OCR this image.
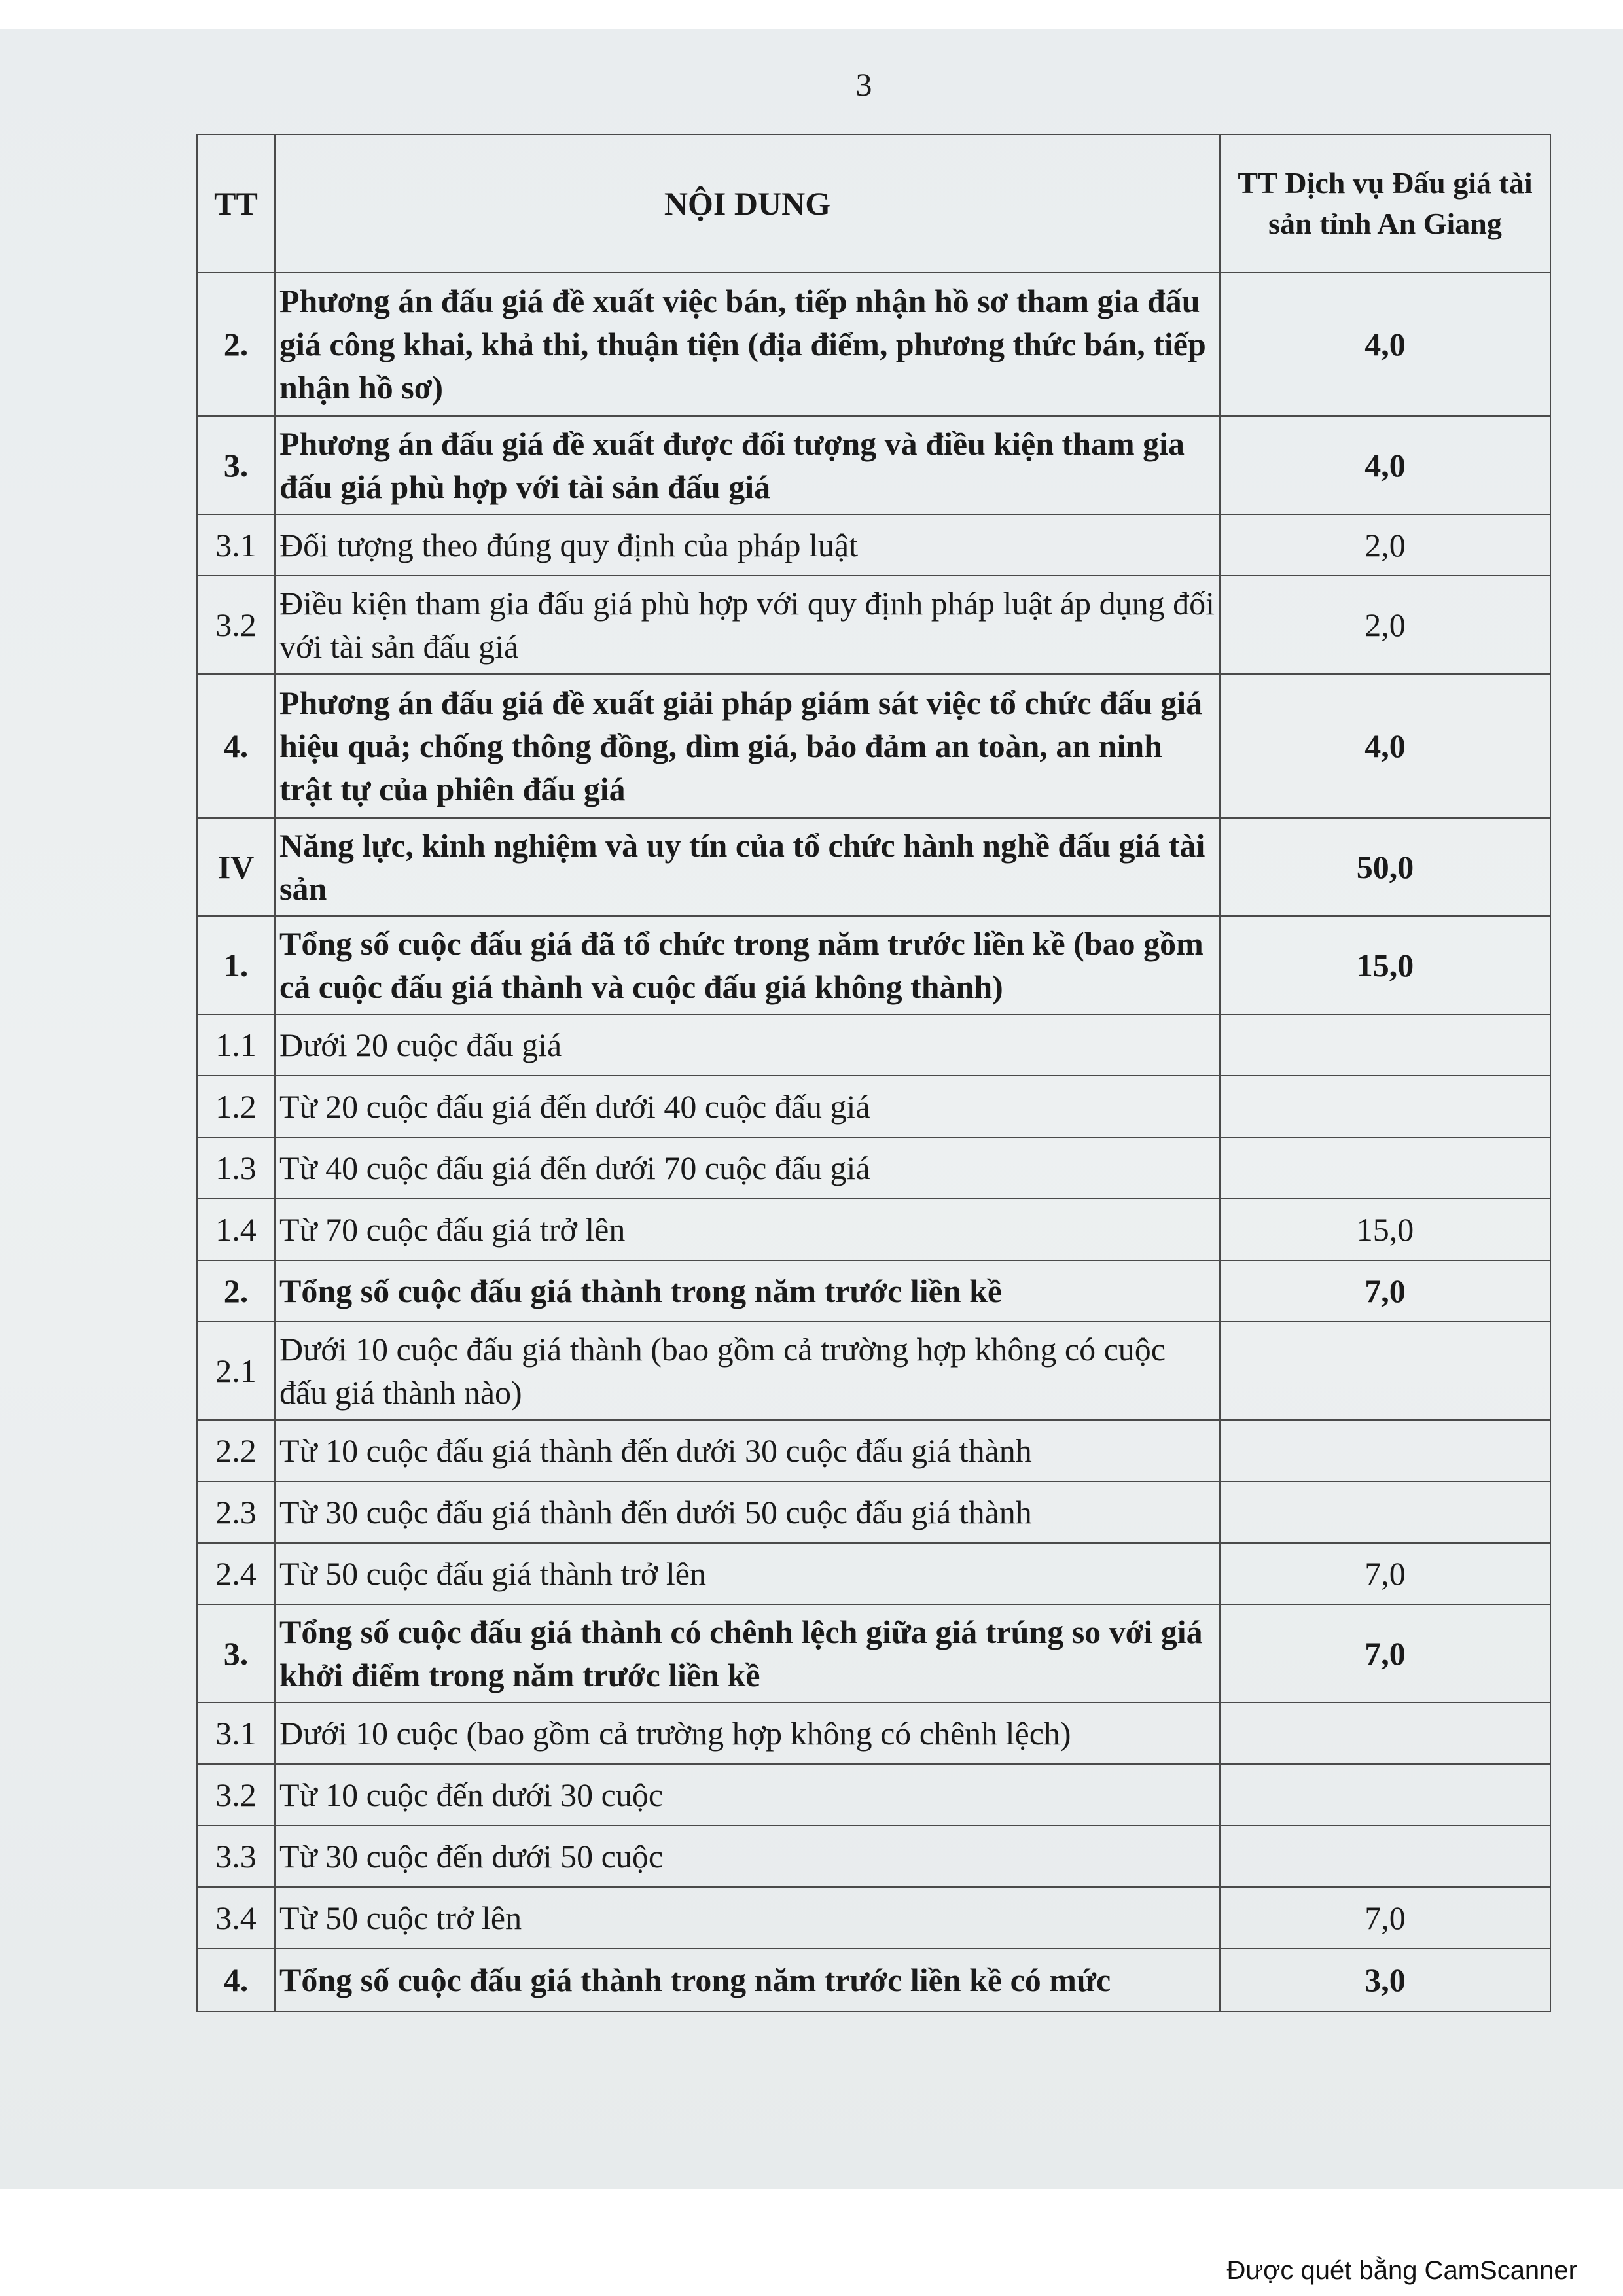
3
TT	NỘI DUNG	TT Dịch vụ Đấu giá tài sản tỉnh An Giang
2.	Phương án đấu giá đề xuất việc bán, tiếp nhận hồ sơ tham gia đấu giá công khai, khả thi, thuận tiện (địa điểm, phương thức bán, tiếp nhận hồ sơ)	4,0
3.	Phương án đấu giá đề xuất được đối tượng và điều kiện tham gia đấu giá phù hợp với tài sản đấu giá	4,0
3.1	Đối tượng theo đúng quy định của pháp luật	2,0
3.2	Điều kiện tham gia đấu giá phù hợp với quy định pháp luật áp dụng đối với tài sản đấu giá	2,0
4.	Phương án đấu giá đề xuất giải pháp giám sát việc tổ chức đấu giá hiệu quả; chống thông đồng, dìm giá, bảo đảm an toàn, an ninh trật tự của phiên đấu giá	4,0
IV	Năng lực, kinh nghiệm và uy tín của tổ chức hành nghề đấu giá tài sản	50,0
1.	Tổng số cuộc đấu giá đã tổ chức trong năm trước liền kề (bao gồm cả cuộc đấu giá thành và cuộc đấu giá không thành)	15,0
1.1	Dưới 20 cuộc đấu giá	
1.2	Từ 20 cuộc đấu giá đến dưới 40 cuộc đấu giá	
1.3	Từ 40 cuộc đấu giá đến dưới 70 cuộc đấu giá	
1.4	Từ 70 cuộc đấu giá trở lên	15,0
2.	Tổng số cuộc đấu giá thành trong năm trước liền kề	7,0
2.1	Dưới 10 cuộc đấu giá thành (bao gồm cả trường hợp không có cuộc đấu giá thành nào)	
2.2	Từ 10 cuộc đấu giá thành đến dưới 30 cuộc đấu giá thành	
2.3	Từ 30 cuộc đấu giá thành đến dưới 50 cuộc đấu giá thành	
2.4	Từ 50 cuộc đấu giá thành trở lên	7,0
3.	Tổng số cuộc đấu giá thành có chênh lệch giữa giá trúng so với giá khởi điểm trong năm trước liền kề	7,0
3.1	Dưới 10 cuộc (bao gồm cả trường hợp không có chênh lệch)	
3.2	Từ 10 cuộc đến dưới 30 cuộc	
3.3	Từ 30 cuộc đến dưới 50 cuộc	
3.4	Từ 50 cuộc trở lên	7,0
4.	Tổng số cuộc đấu giá thành trong năm trước liền kề có mức	3,0
Được quét bằng CamScanner
